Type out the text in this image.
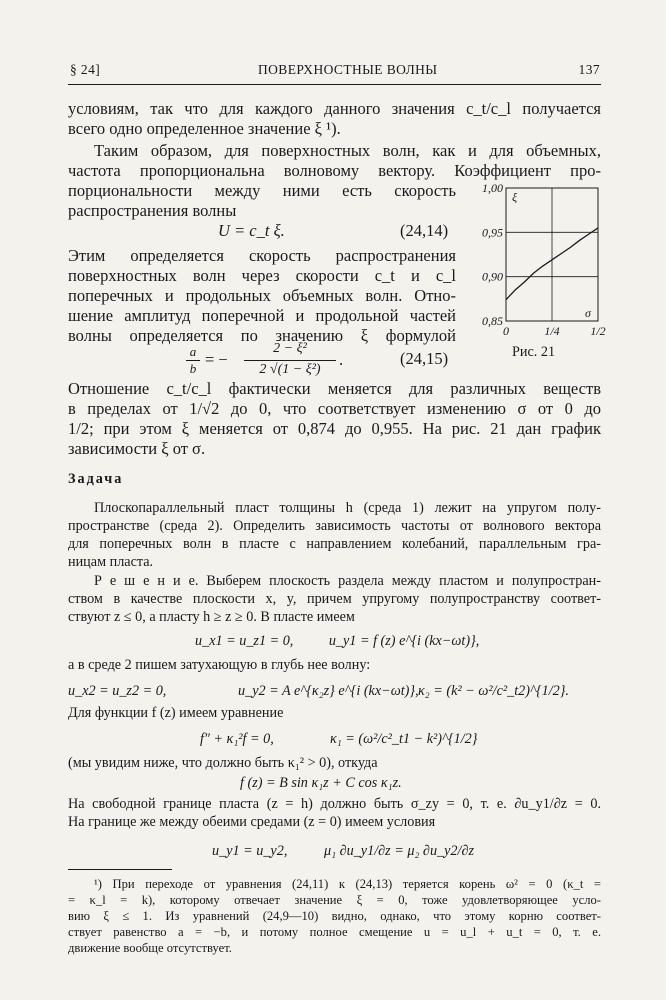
§ 24]	ПОВЕРХНОСТНЫЕ ВОЛНЫ	137
условиям, так что для каждого данного значения c_t/c_l получается
всего одно определенное значение ξ ¹).
Таким образом, для поверхностных волн, как и для объемных,
частота пропорциональна волновому вектору. Коэффициент про-
порциональности между ними есть скорость
распространения волны
U = c_t ξ.	(24,14)
Этим определяется скорость распространения
поверхностных волн через скорости c_t и c_l
поперечных и продольных объемных волн. Отно-
шение амплитуд поперечной и продольной частей
волны определяется по значению ξ формулой
a
b = −
2 − ξ²
2 √(1 − ξ²)
.	(24,15)
1,00
0,95
0,90
0,85
0	1/4	1/2
ξ
σ
Рис. 21
Отношение c_t/c_l фактически меняется для различных веществ
в пределах от 1/√2 до 0, что соответствует изменению σ от 0 до
1/2; при этом ξ меняется от 0,874 до 0,955. На рис. 21 дан график
зависимости ξ от σ.
Задача
Плоскопараллельный пласт толщины h (среда 1) лежит на упругом полу-
пространстве (среда 2). Определить зависимость частоты от волнового вектора
для поперечных волн в пласте с направлением колебаний, параллельным гра-
ницам пласта.
Р е ш е н и е. Выберем плоскость раздела между пластом и полупростран-
ством в качестве плоскости x, y, причем упругому полупространству соответ-
ствуют z ≤ 0, а пласту h ≥ z ≥ 0. В пласте имеем
u_x1 = u_z1 = 0,          u_y1 = f (z) e^{i (kx−ωt)},
а в среде 2 пишем затухающую в глубь нее волну:
u_x2 = u_z2 = 0,	u_y2 = A e^{κ₂z} e^{i (kx−ωt)}, κ₂ = (k² − ω²/c²_t2)^{1/2}.
Для функции f (z) имеем уравнение
f″ + κ₁²f = 0,	κ₁ = (ω²/c²_t1 − k²)^{1/2}
(мы увидим ниже, что должно быть κ₁² > 0), откуда
f (z) = B sin κ₁z + C cos κ₁z.
На свободной границе пласта (z = h) должно быть σ_zy = 0, т. е. ∂u_y1/∂z = 0.
На границе же между обеими средами (z = 0) имеем условия
u_y1 = u_y2,	μ₁ ∂u_y1/∂z = μ₂ ∂u_y2/∂z
¹) При переходе от уравнения (24,11) к (24,13) теряется корень ω² = 0 (κ_t =
= κ_l = k), которому отвечает значение ξ = 0, тоже удовлетворяющее усло-
вию ξ ≤ 1. Из уравнений (24,9—10) видно, однако, что этому корню соответ-
ствует равенство a = −b, и потому полное смещение u = u_l + u_t = 0, т. е.
движение вообще отсутствует.
